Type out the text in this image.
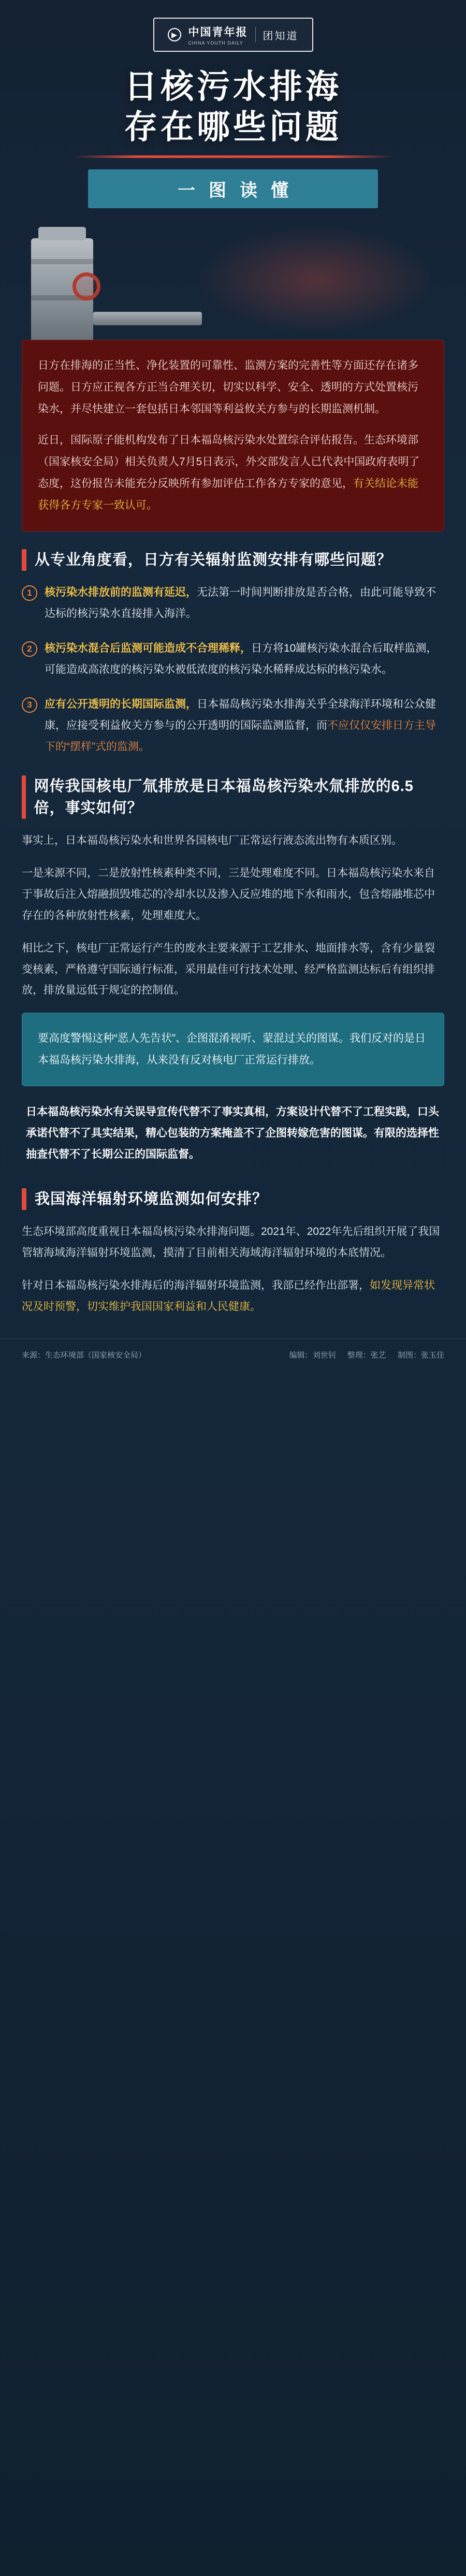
▶	中国青年报
CHINA YOUTH DAILY
团知道
日核污水排海
存在哪些问题
一图读懂

日方在排海的正当性、净化装置的可靠性、监测方案的完善性等方面还存在诸多问题。日方应正视各方正当合理关切，切实以科学、安全、透明的方式处置核污染水，并尽快建立一套包括日本邻国等利益攸关方参与的长期监测机制。

近日，国际原子能机构发布了日本福岛核污染水处置综合评估报告。生态环境部（国家核安全局）相关负责人7月5日表示，外交部发言人已代表中国政府表明了态度，这份报告未能充分反映所有参加评估工作各方专家的意见，有关结论未能获得各方专家一致认可。

从专业角度看，日方有关辐射监测安排有哪些问题？
1	核污染水排放前的监测有延迟，无法第一时间判断排放是否合格，由此可能导致不达标的核污染水直接排入海洋。
2	核污染水混合后监测可能造成不合理稀释，日方将10罐核污染水混合后取样监测，可能造成高浓度的核污染水被低浓度的核污染水稀释成达标的核污染水。
3	应有公开透明的长期国际监测，日本福岛核污染水排海关乎全球海洋环境和公众健康，应接受利益攸关方参与的公开透明的国际监测监督，而不应仅仅安排日方主导下的“摆样”式的监测。
网传我国核电厂氚排放是日本福岛核污染水氚排放的6.5倍，事实如何？

事实上，日本福岛核污染水和世界各国核电厂正常运行液态流出物有本质区别。

一是来源不同，二是放射性核素种类不同，三是处理难度不同。日本福岛核污染水来自于事故后注入熔融损毁堆芯的冷却水以及渗入反应堆的地下水和雨水，包含熔融堆芯中存在的各种放射性核素，处理难度大。

相比之下，核电厂正常运行产生的废水主要来源于工艺排水、地面排水等，含有少量裂变核素，严格遵守国际通行标准，采用最佳可行技术处理、经严格监测达标后有组织排放，排放量远低于规定的控制值。

要高度警惕这种“恶人先告状”、企图混淆视听、蒙混过关的图谋。我们反对的是日本福岛核污染水排海，从来没有反对核电厂正常运行排放。

日本福岛核污染水有关误导宣传代替不了事实真相，方案设计代替不了工程实践，口头承诺代替不了具实结果，精心包装的方案掩盖不了企图转嫁危害的图谋。有限的选择性抽查代替不了长期公正的国际监督。

我国海洋辐射环境监测如何安排？

生态环境部高度重视日本福岛核污染水排海问题。2021年、2022年先后组织开展了我国管辖海域海洋辐射环境监测，摸清了目前相关海域海洋辐射环境的本底情况。

针对日本福岛核污染水排海后的海洋辐射环境监测，我部已经作出部署，如发现异常状况及时预警，切实维护我国国家利益和人民健康。

来源：生态环境部（国家核安全局）	编辑：刘世钊 整理：张艺 制图：张玉佳
